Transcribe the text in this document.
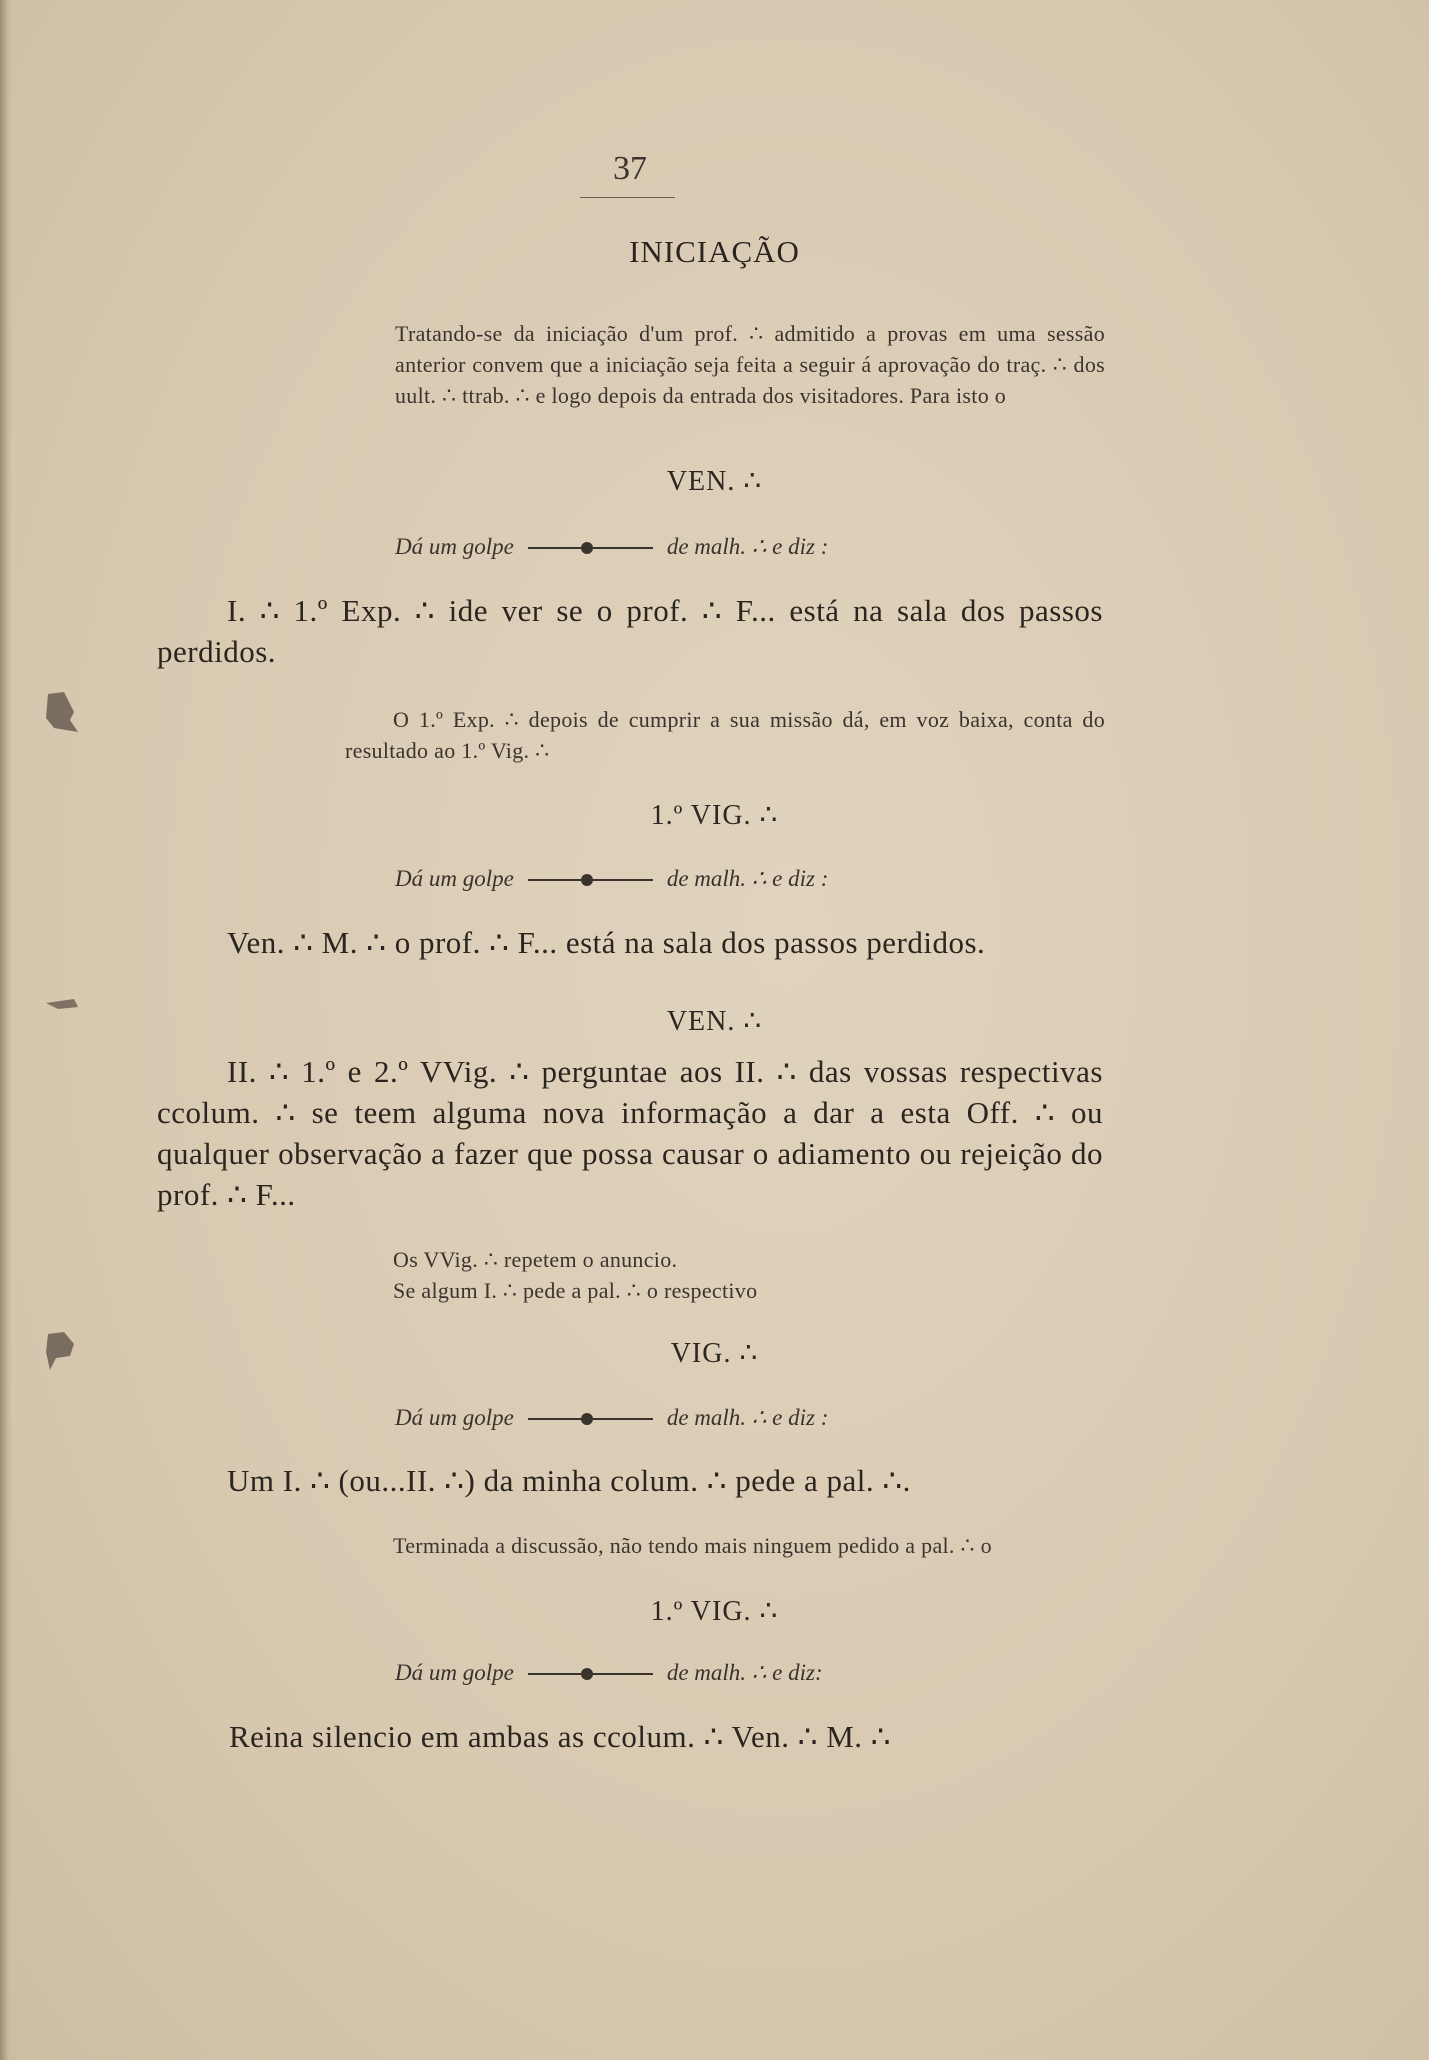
37
INICIAÇÃO
Tratando-se da iniciação d'um prof. ∴ admitido a provas em uma sessão anterior convem que a iniciação seja feita a seguir á aprovação do traç. ∴ dos uult. ∴ ttrab. ∴ e logo depois da entrada dos visitadores. Para isto o
VEN. ∴
Dá um golpe	de malh. ∴ e diz :
I. ∴ 1.º Exp. ∴ ide ver se o prof. ∴ F... está na sala dos passos perdidos.
O 1.º Exp. ∴ depois de cumprir a sua missão dá, em voz baixa, conta do resultado ao 1.º Vig. ∴
1.º VIG. ∴
Dá um golpe	de malh. ∴ e diz :
Ven. ∴ M. ∴ o prof. ∴ F... está na sala dos passos perdidos.
VEN. ∴
II. ∴ 1.º e 2.º VVig. ∴ perguntae aos II. ∴ das vossas respectivas ccolum. ∴ se teem alguma nova informação a dar a esta Off. ∴ ou qualquer observação a fazer que possa causar o adiamento ou rejeição do prof. ∴ F...
Os VVig. ∴ repetem o anuncio.
Se algum I. ∴ pede a pal. ∴ o respectivo
VIG. ∴
Dá um golpe	de malh. ∴ e diz :
Um I. ∴ (ou...II. ∴) da minha colum. ∴ pede a pal. ∴.
Terminada a discussão, não tendo mais ninguem pedido a pal. ∴ o
1.º VIG. ∴
Dá um golpe	de malh. ∴ e diz:
Reina silencio em ambas as ccolum. ∴ Ven. ∴ M. ∴
